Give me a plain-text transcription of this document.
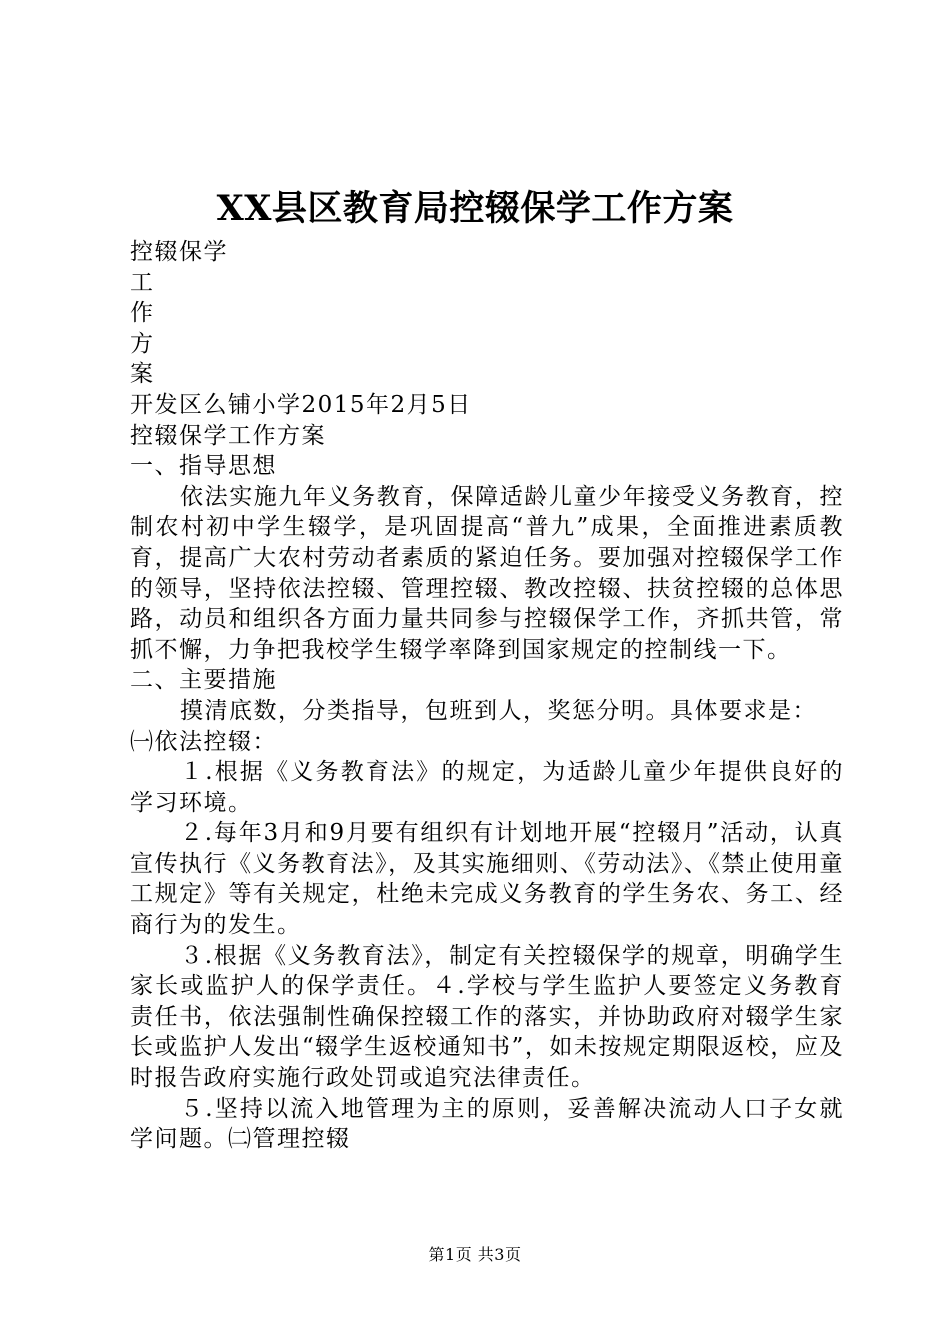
XX县区教育局控辍保学工作方案

控辍保学

工

作

方

案

开发区么铺小学2015年2月5日

控辍保学工作方案

一、指导思想

依法实施九年义务教育，保障适龄儿童少年接受义务教育，控制农村初中学生辍学，是巩固提高“普九”成果，全面推进素质教育，提高广大农村劳动者素质的紧迫任务。要加强对控辍保学工作的领导，坚持依法控辍、管理控辍、教改控辍、扶贫控辍的总体思路，动员和组织各方面力量共同参与控辍保学工作，齐抓共管，常抓不懈，力争把我校学生辍学率降到国家规定的控制线一下。

二、主要措施

摸清底数，分类指导，包班到人，奖惩分明。具体要求是：

㈠依法控辍：

１.根据《义务教育法》的规定，为适龄儿童少年提供良好的学习环境。

２.每年3月和9月要有组织有计划地开展“控辍月”活动，认真宣传执行《义务教育法》，及其实施细则、《劳动法》、《禁止使用童工规定》等有关规定，杜绝未完成义务教育的学生务农、务工、经商行为的发生。

３.根据《义务教育法》，制定有关控辍保学的规章，明确学生家长或监护人的保学责任。４.学校与学生监护人要签定义务教育责任书，依法强制性确保控辍工作的落实，并协助政府对辍学生家长或监护人发出“辍学生返校通知书”，如未按规定期限返校，应及时报告政府实施行政处罚或追究法律责任。

５.坚持以流入地管理为主的原则，妥善解决流动人口子女就学问题。㈡管理控辍

第1页 共3页
